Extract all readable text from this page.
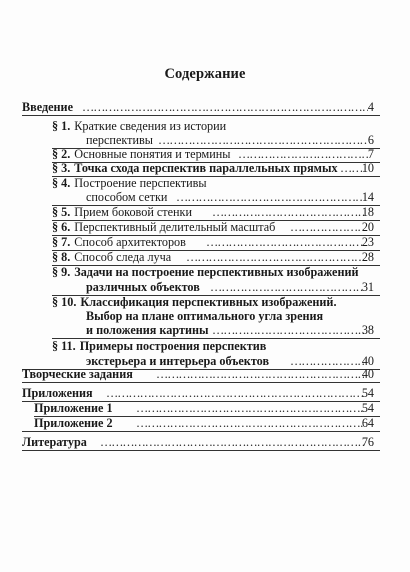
Содержание
Введение ……………………………………………………………………………………………………………………………………………………	4
§ 1. Краткие сведения из истории
перспективы ……………………………………………………………………………………………………………………………………………………	6
§ 2. Основные понятия и термины ……………………………………………………………………………………………………………………………………………………	7
§ 3. Точка схода перспектив параллельных прямых …………………………………………………………………………………………………………………………………………………… 10
§ 4. Построение перспективы
способом сетки ……………………………………………………………………………………………………………………………………………………	14
§ 5. Прием боковой стенки ……………………………………………………………………………………………………………………………………………………	18
§ 6. Перспективный делительный масштаб ……………………………………………………………………………………………………………………………………………………	20
§ 7. Способ архитекторов ……………………………………………………………………………………………………………………………………………………	23
§ 8. Способ следа луча ……………………………………………………………………………………………………………………………………………………	28
§ 9. Задачи на построение перспективных изображений
различных объектов ……………………………………………………………………………………………………………………………………………………	31
§ 10. Классификация перспективных изображений.
Выбор на плане оптимального угла зрения
и положения картины ……………………………………………………………………………………………………………………………………………………	38
§ 11. Примеры построения перспектив
экстерьера и интерьера объектов ……………………………………………………………………………………………………………………………………………………	40
Творческие задания ……………………………………………………………………………………………………………………………………………………	40
Приложения ……………………………………………………………………………………………………………………………………………………	54
Приложение 1 ……………………………………………………………………………………………………………………………………………………	54
Приложение 2 ……………………………………………………………………………………………………………………………………………………	64
Литература ……………………………………………………………………………………………………………………………………………………	76
